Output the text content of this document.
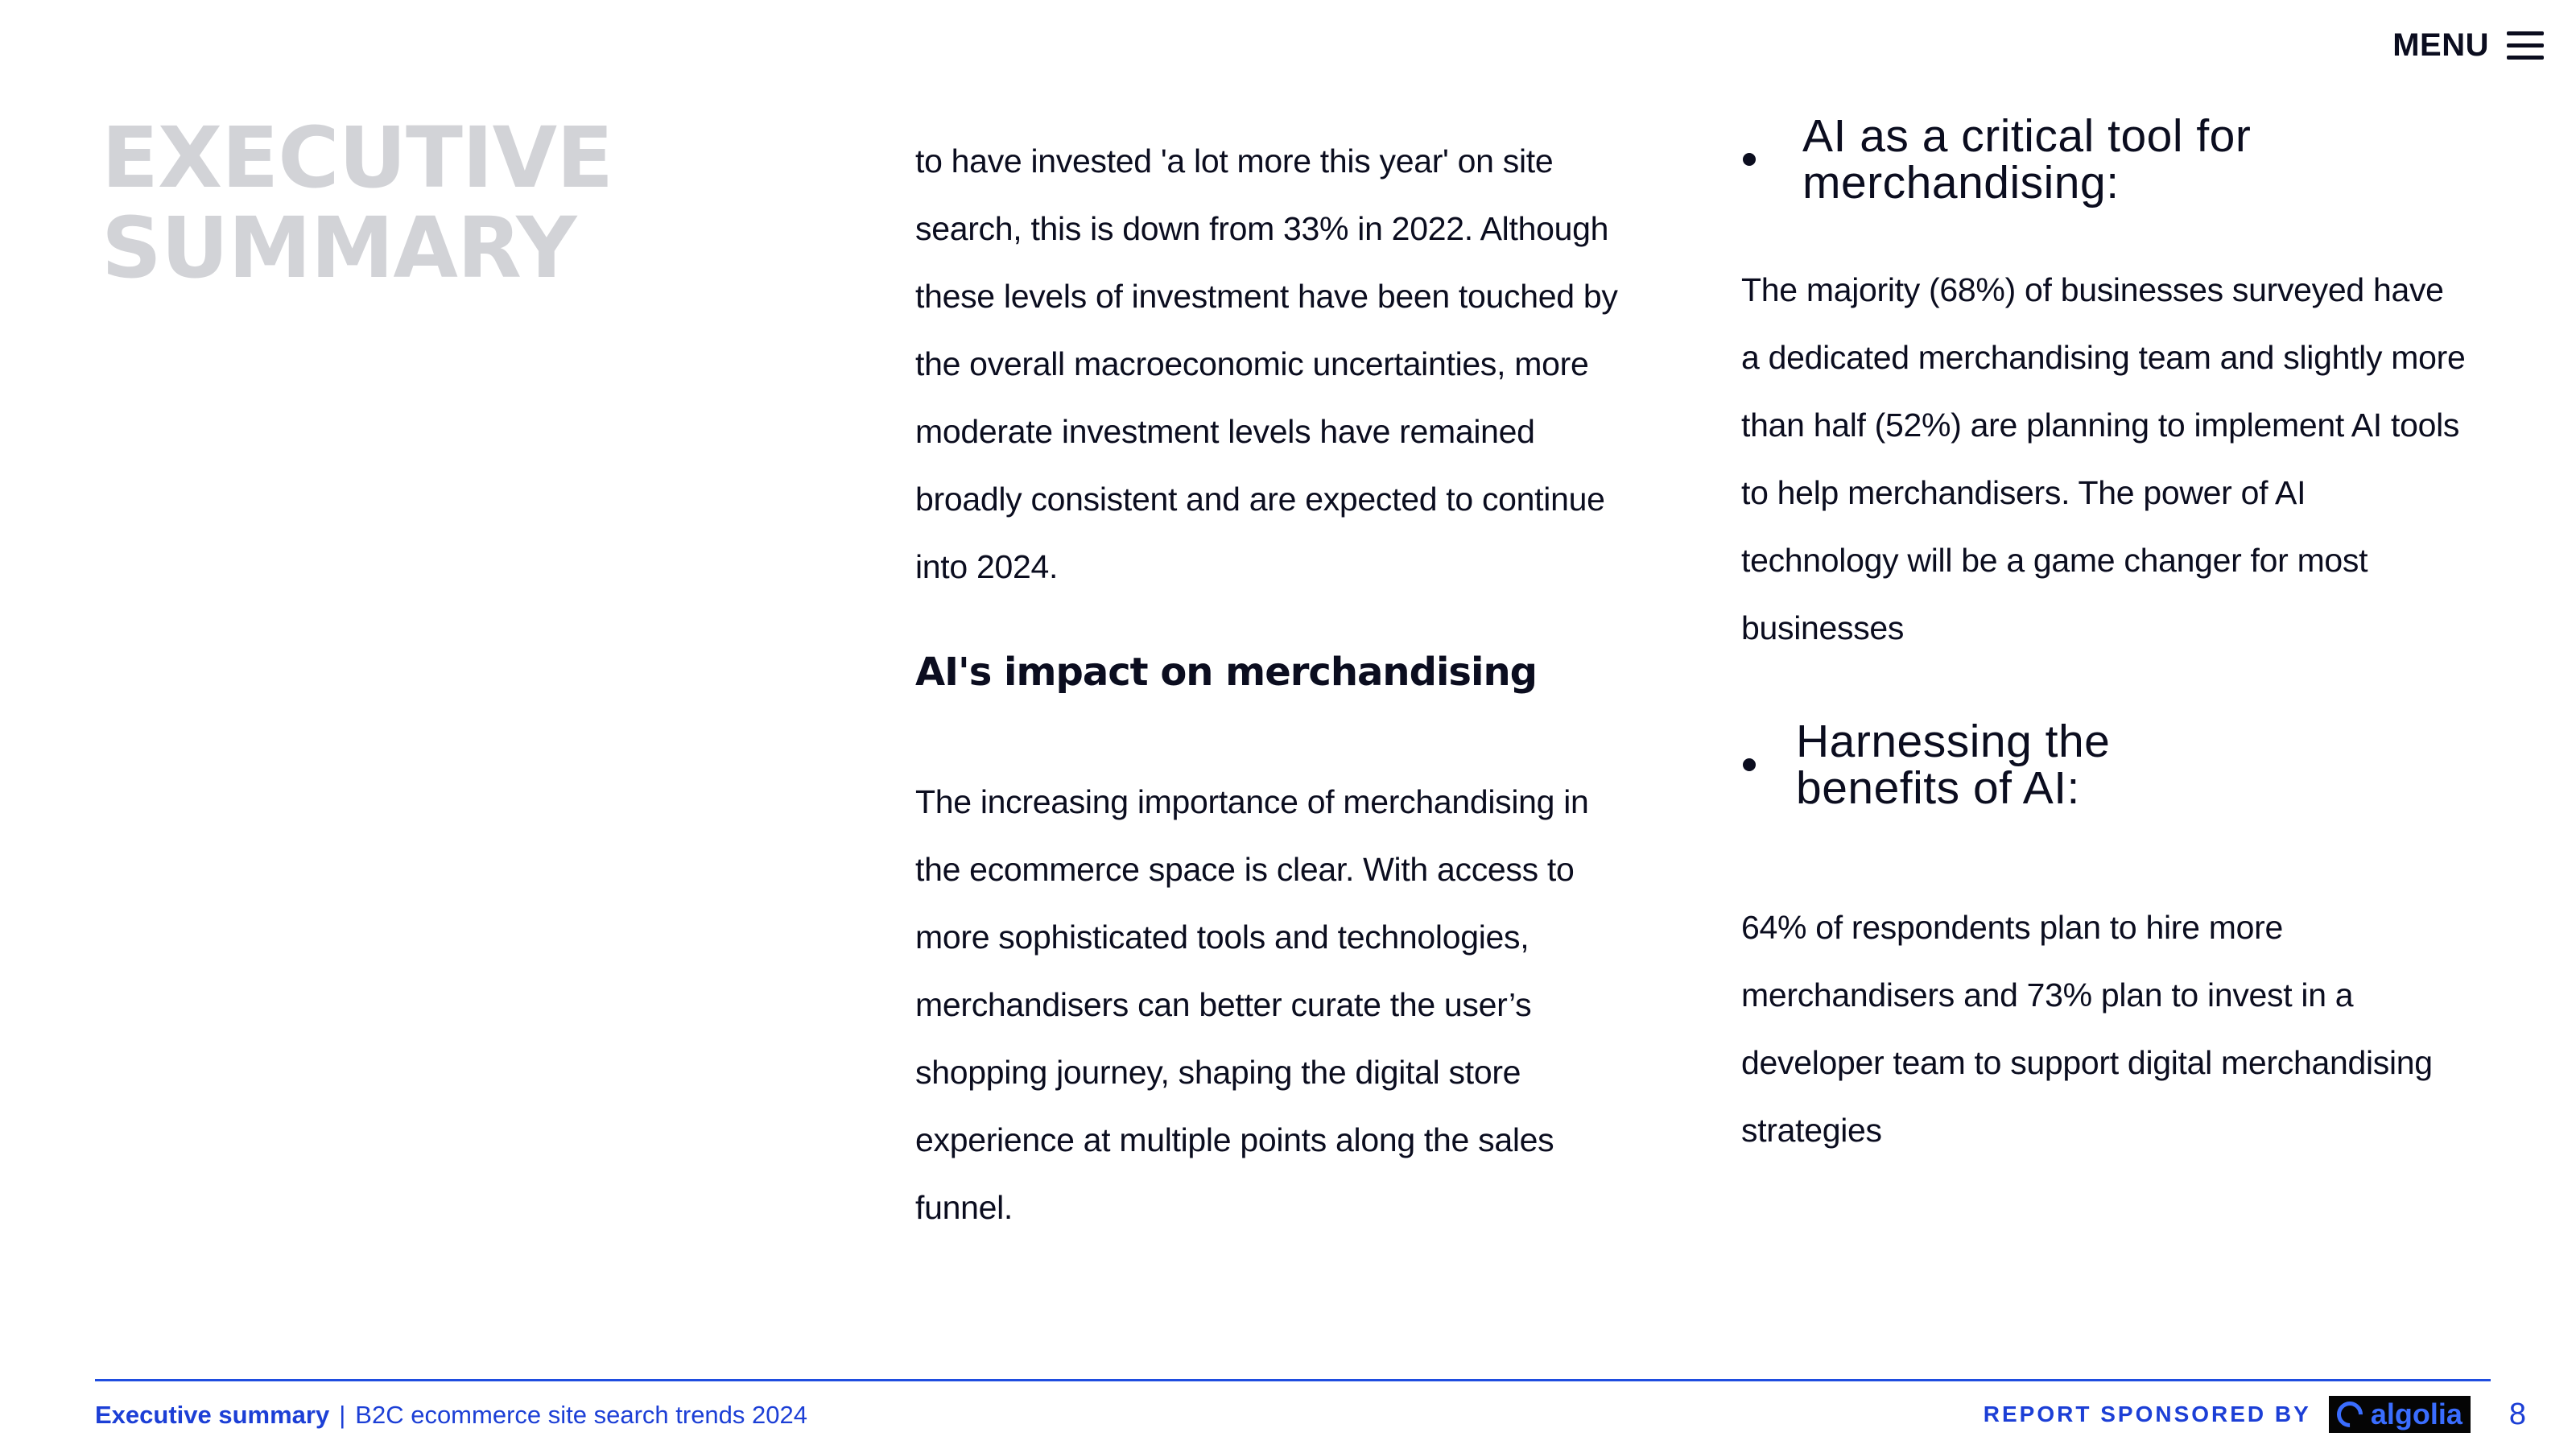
MENU
EXECUTIVE
SUMMARY

to have invested 'a lot more this year' on site search, this is down from 33% in 2022. Although these levels of investment have been touched by the overall macroeconomic uncertainties, more moderate investment levels have remained broadly consistent and are expected to continue into 2024.

AI's impact on merchandising

The increasing importance of merchandising in the ecommerce space is clear. With access to more sophisticated tools and technologies, merchandisers can better curate the user’s shopping journey, shaping the digital store experience at multiple points along the sales funnel.

AI as a critical tool for merchandising:

The majority (68%) of businesses surveyed have a dedicated merchandising team and slightly more than half (52%) are planning to implement AI tools to help merchandisers. The power of AI technology will be a game changer for most businesses

Harnessing the benefits of AI:

64% of respondents plan to hire more merchandisers and 73% plan to invest in a developer team to support digital merchandising strategies

Executive summary | B2C ecommerce site search trends 2024	REPORT SPONSORED BY algolia 8
